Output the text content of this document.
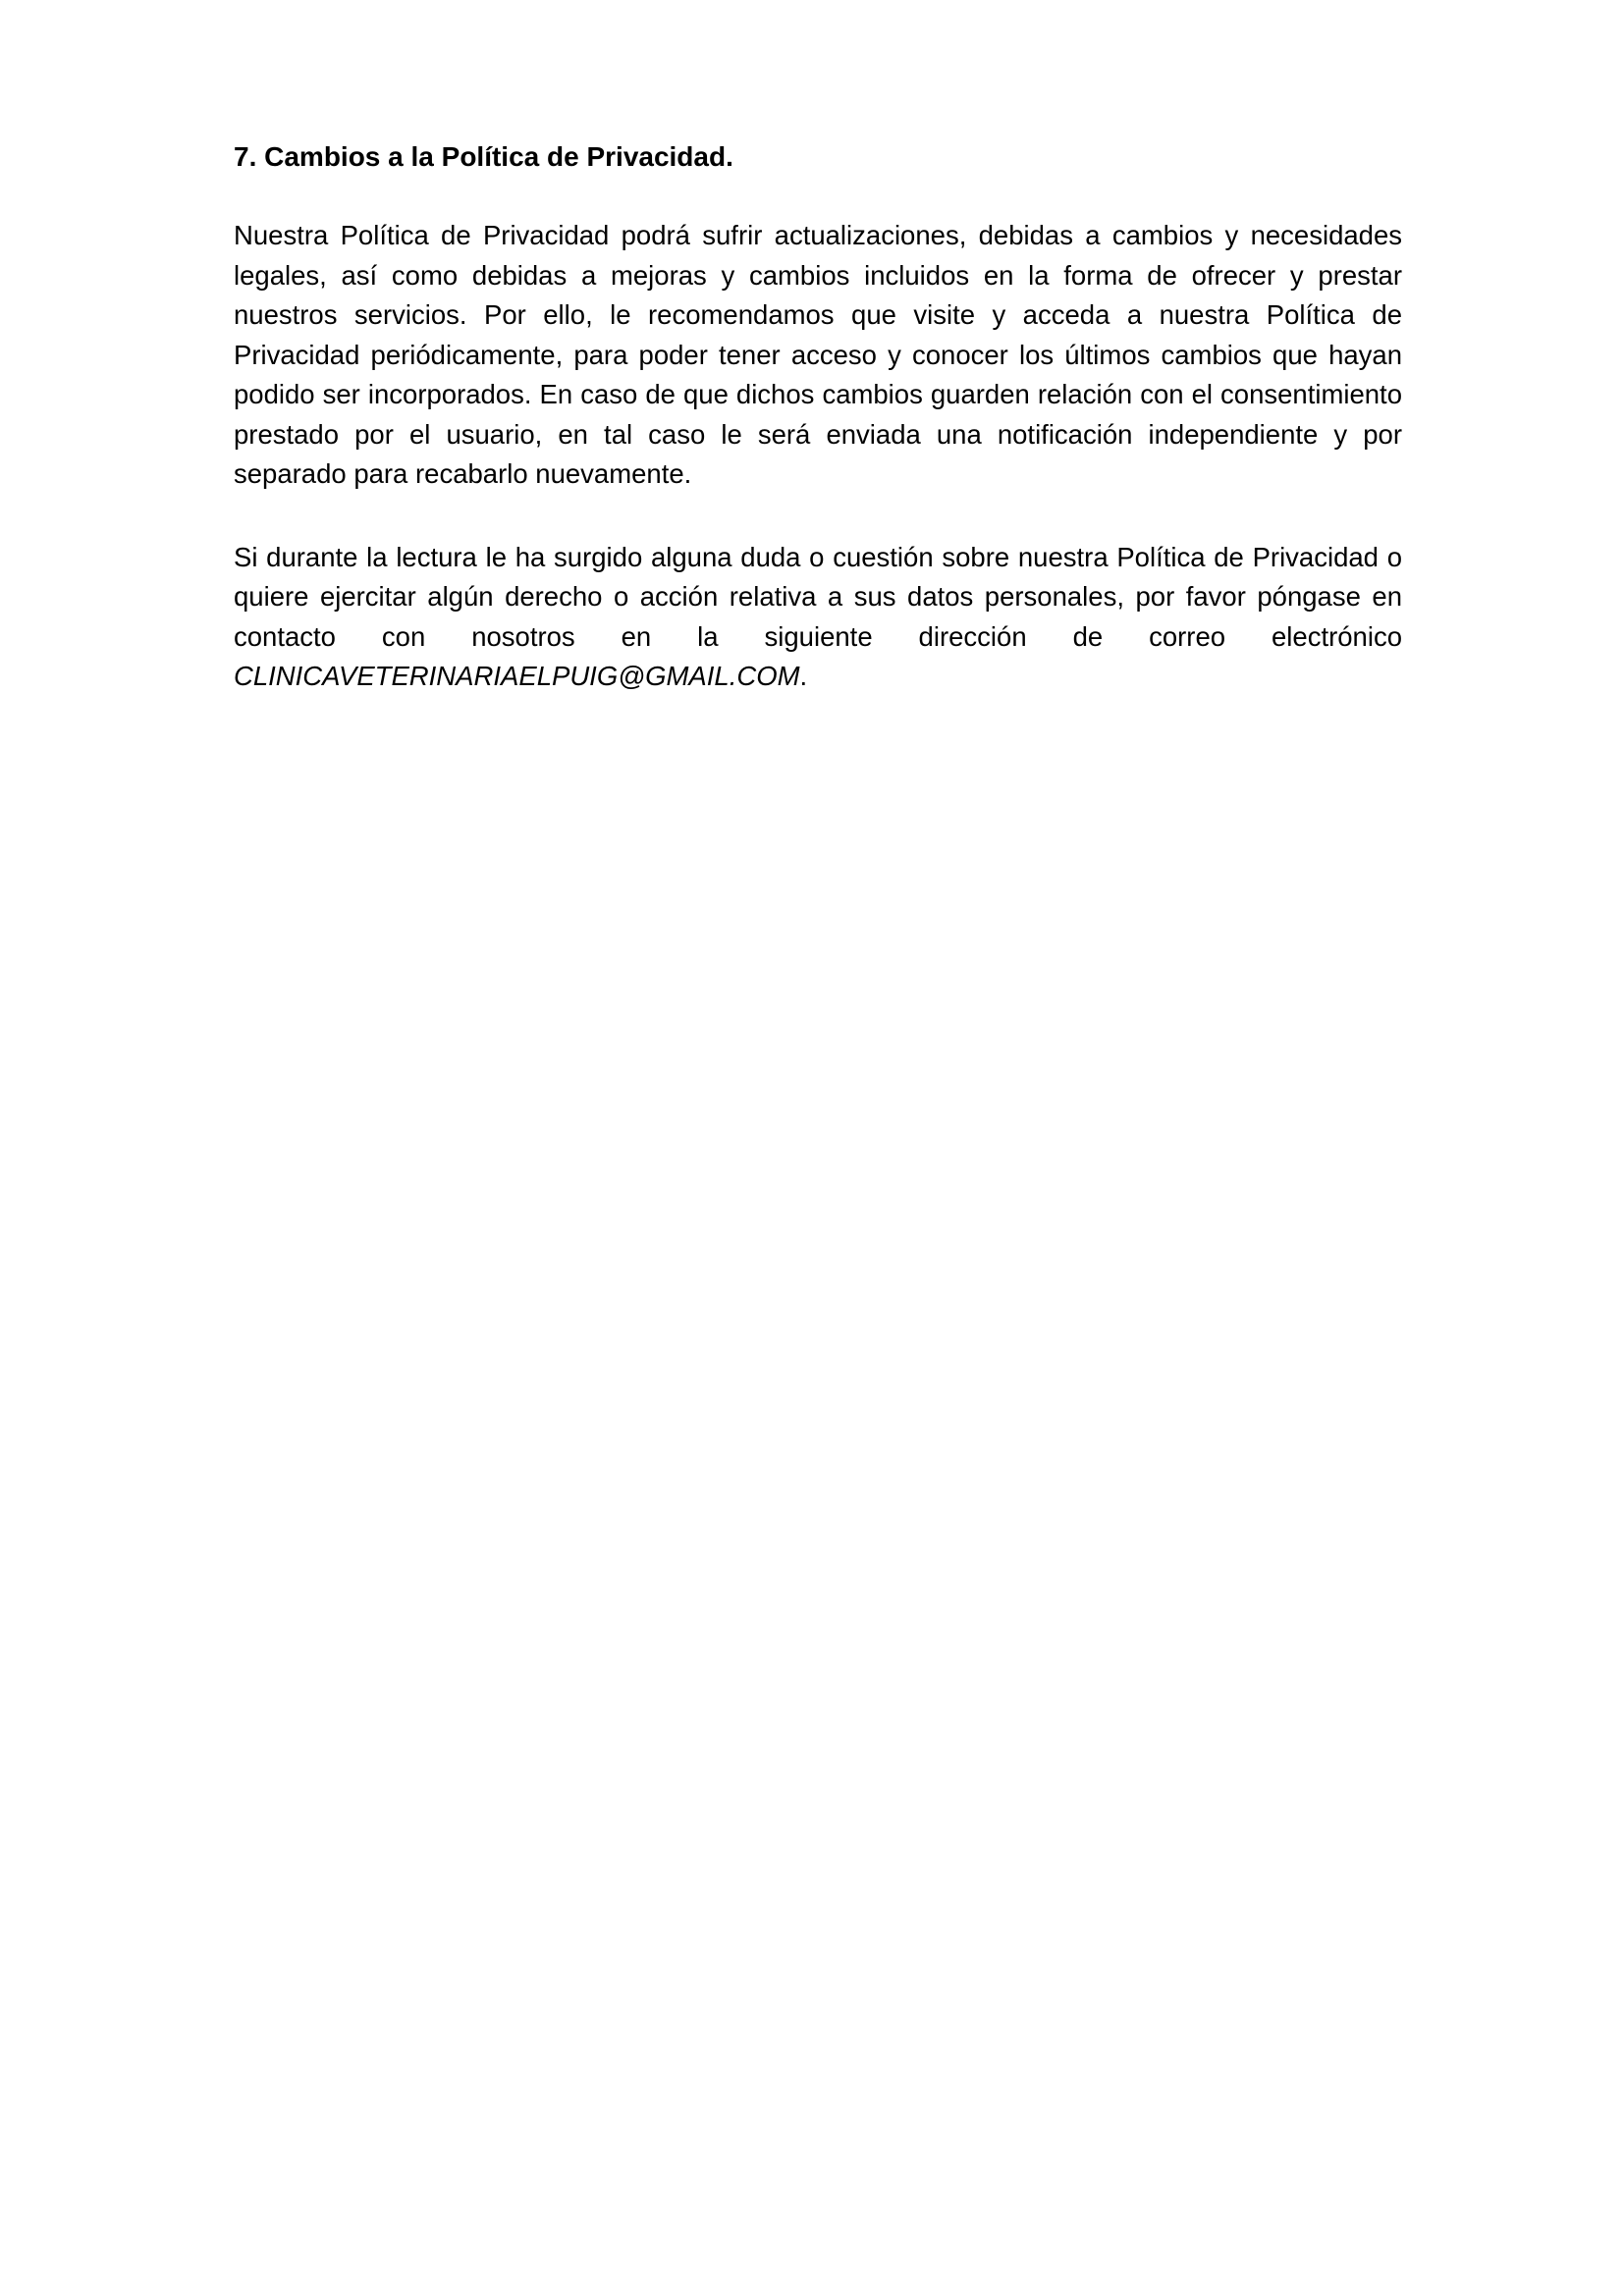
7. Cambios a la Política de Privacidad.

Nuestra Política de Privacidad podrá sufrir actualizaciones, debidas a cambios y necesidades legales, así como debidas a mejoras y cambios incluidos en la forma de ofrecer y prestar nuestros servicios. Por ello, le recomendamos que visite y acceda a nuestra Política de Privacidad periódicamente, para poder tener acceso y conocer los últimos cambios que hayan podido ser incorporados. En caso de que dichos cambios guarden relación con el consentimiento prestado por el usuario, en tal caso le será enviada una notificación independiente y por separado para recabarlo nuevamente.

Si durante la lectura le ha surgido alguna duda o cuestión sobre nuestra Política de Privacidad o quiere ejercitar algún derecho o acción relativa a sus datos personales, por favor póngase en contacto con nosotros en la siguiente dirección de correo electrónico CLINICAVETERINARIAELPUIG@GMAIL.COM.
